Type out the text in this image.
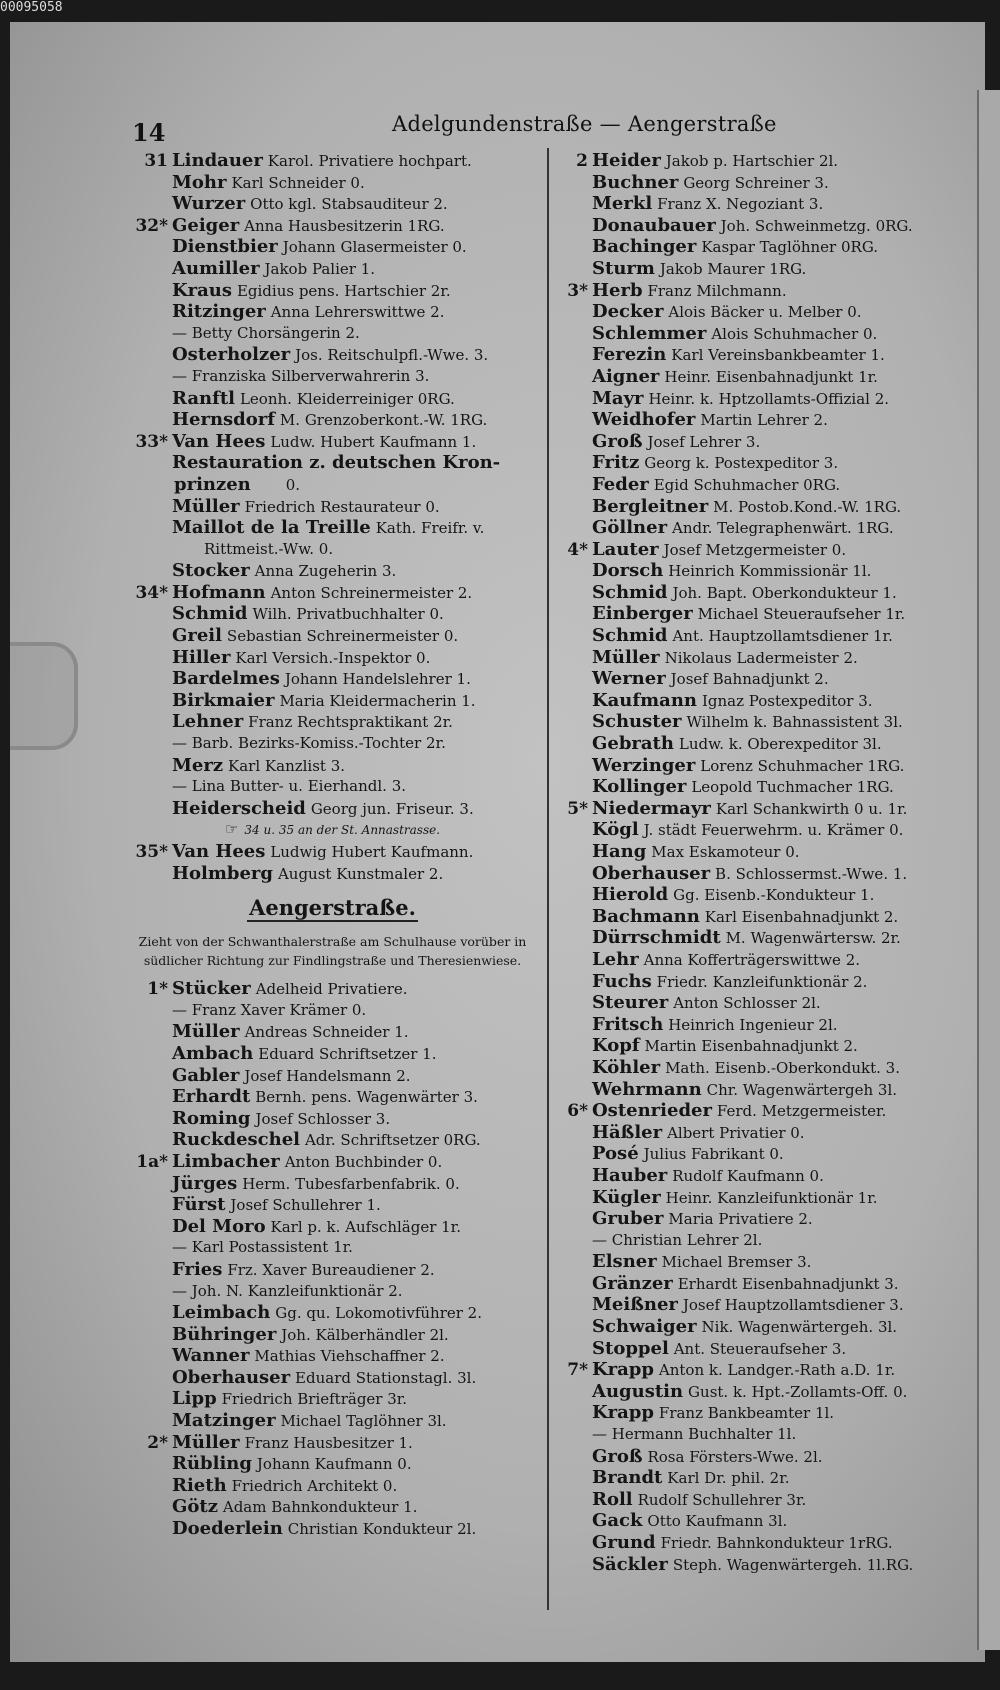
14	Adelgundenstraße — Aengerstraße
31 Lindauer Karol. Privatiere hochpart.
Mohr Karl Schneider 0.
Wurzer Otto kgl. Stabsauditeur 2.
32* Geiger Anna Hausbesitzerin 1RG.
Dienstbier Johann Glasermeister 0.
Aumiller Jakob Palier 1.
Kraus Egidius pens. Hartschier 2r.
Ritzinger Anna Lehrerswittwe 2.
— Betty Chorsängerin 2.
Osterholzer Jos. Reitschulpfl.-Wwe. 3.
— Franziska Silberverwahrerin 3.
Ranftl Leonh. Kleiderreiniger 0RG.
Hernsdorf M. Grenzoberkont.-W. 1RG.
33* Van Hees Ludw. Hubert Kaufmann 1.
Restauration z. deutschen Kron-
prinzen 0.
Müller Friedrich Restaurateur 0.
Maillot de la Treille Kath. Freifr. v.
Rittmeist.-Ww. 0.
Stocker Anna Zugeherin 3.
34* Hofmann Anton Schreinermeister 2.
Schmid Wilh. Privatbuchhalter 0.
Greil Sebastian Schreinermeister 0.
Hiller Karl Versich.-Inspektor 0.
Bardelmes Johann Handelslehrer 1.
Birkmaier Maria Kleidermacherin 1.
Lehner Franz Rechtspraktikant 2r.
— Barb. Bezirks-Komiss.-Tochter 2r.
Merz Karl Kanzlist 3.
— Lina Butter- u. Eierhandl. 3.
Heiderscheid Georg jun. Friseur. 3.
☞ 34 u. 35 an der St. Annastrasse.
35* Van Hees Ludwig Hubert Kaufmann.
Holmberg August Kunstmaler 2.
Aengerstraße.
Zieht von der Schwanthalerstraße am Schulhause vorüber in südlicher Richtung zur Findlingstraße und Theresienwiese.
1* Stücker Adelheid Privatiere.
— Franz Xaver Krämer 0.
Müller Andreas Schneider 1.
Ambach Eduard Schriftsetzer 1.
Gabler Josef Handelsmann 2.
Erhardt Bernh. pens. Wagenwärter 3.
Roming Josef Schlosser 3.
Ruckdeschel Adr. Schriftsetzer 0RG.
1a* Limbacher Anton Buchbinder 0.
Jürges Herm. Tubesfarbenfabrik. 0.
Fürst Josef Schullehrer 1.
Del Moro Karl p. k. Aufschläger 1r.
— Karl Postassistent 1r.
Fries Frz. Xaver Bureaudiener 2.
— Joh. N. Kanzleifunktionär 2.
Leimbach Gg. qu. Lokomotivführer 2.
Bühringer Joh. Kälberhändler 2l.
Wanner Mathias Viehschaffner 2.
Oberhauser Eduard Stationstagl. 3l.
Lipp Friedrich Briefträger 3r.
Matzinger Michael Taglöhner 3l.
2* Müller Franz Hausbesitzer 1.
Rübling Johann Kaufmann 0.
Rieth Friedrich Architekt 0.
Götz Adam Bahnkondukteur 1.
Doederlein Christian Kondukteur 2l.
2 Heider Jakob p. Hartschier 2l.
Buchner Georg Schreiner 3.
Merkl Franz X. Negoziant 3.
Donaubauer Joh. Schweinmetzg. 0RG.
Bachinger Kaspar Taglöhner 0RG.
Sturm Jakob Maurer 1RG.
3* Herb Franz Milchmann.
Decker Alois Bäcker u. Melber 0.
Schlemmer Alois Schuhmacher 0.
Ferezin Karl Vereinsbankbeamter 1.
Aigner Heinr. Eisenbahnadjunkt 1r.
Mayr Heinr. k. Hptzollamts-Offizial 2.
Weidhofer Martin Lehrer 2.
Groß Josef Lehrer 3.
Fritz Georg k. Postexpeditor 3.
Feder Egid Schuhmacher 0RG.
Bergleitner M. Postob.Kond.-W. 1RG.
Göllner Andr. Telegraphenwärt. 1RG.
4* Lauter Josef Metzgermeister 0.
Dorsch Heinrich Kommissionär 1l.
Schmid Joh. Bapt. Oberkondukteur 1.
Einberger Michael Steueraufseher 1r.
Schmid Ant. Hauptzollamtsdiener 1r.
Müller Nikolaus Ladermeister 2.
Werner Josef Bahnadjunkt 2.
Kaufmann Ignaz Postexpeditor 3.
Schuster Wilhelm k. Bahnassistent 3l.
Gebrath Ludw. k. Oberexpeditor 3l.
Werzinger Lorenz Schuhmacher 1RG.
Kollinger Leopold Tuchmacher 1RG.
5* Niedermayr Karl Schankwirth 0 u. 1r.
Kögl J. städt Feuerwehrm. u. Krämer 0.
Hang Max Eskamoteur 0.
Oberhauser B. Schlossermst.-Wwe. 1.
Hierold Gg. Eisenb.-Kondukteur 1.
Bachmann Karl Eisenbahnadjunkt 2.
Dürrschmidt M. Wagenwärtersw. 2r.
Lehr Anna Kofferträgerswittwe 2.
Fuchs Friedr. Kanzleifunktionär 2.
Steurer Anton Schlosser 2l.
Fritsch Heinrich Ingenieur 2l.
Kopf Martin Eisenbahnadjunkt 2.
Köhler Math. Eisenb.-Oberkondukt. 3.
Wehrmann Chr. Wagenwärtergeh 3l.
6* Ostenrieder Ferd. Metzgermeister.
Häßler Albert Privatier 0.
Posé Julius Fabrikant 0.
Hauber Rudolf Kaufmann 0.
Kügler Heinr. Kanzleifunktionär 1r.
Gruber Maria Privatiere 2.
— Christian Lehrer 2l.
Elsner Michael Bremser 3.
Gränzer Erhardt Eisenbahnadjunkt 3.
Meißner Josef Hauptzollamtsdiener 3.
Schwaiger Nik. Wagenwärtergeh. 3l.
Stoppel Ant. Steueraufseher 3.
7* Krapp Anton k. Landger.-Rath a.D. 1r.
Augustin Gust. k. Hpt.-Zollamts-Off. 0.
Krapp Franz Bankbeamter 1l.
— Hermann Buchhalter 1l.
Groß Rosa Försters-Wwe. 2l.
Brandt Karl Dr. phil. 2r.
Roll Rudolf Schullehrer 3r.
Gack Otto Kaufmann 3l.
Grund Friedr. Bahnkondukteur 1rRG.
Säckler Steph. Wagenwärtergeh. 1l.RG.
00095058
